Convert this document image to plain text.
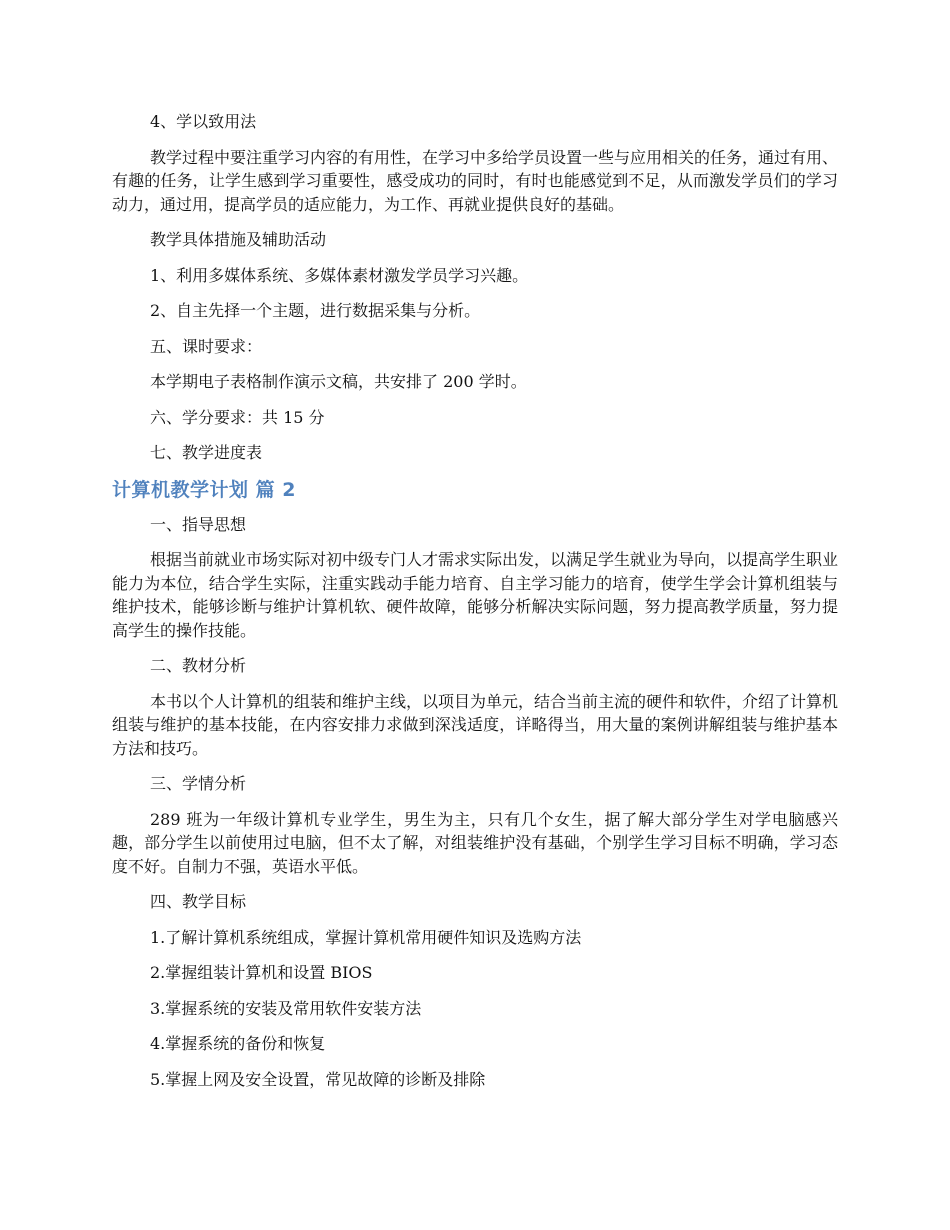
4、学以致用法

教学过程中要注重学习内容的有用性，在学习中多给学员设置一些与应用相关的任务，通过有用、有趣的任务，让学生感到学习重要性，感受成功的同时，有时也能感觉到不足，从而激发学员们的学习动力，通过用，提高学员的适应能力，为工作、再就业提供良好的基础。

教学具体措施及辅助活动

1、利用多媒体系统、多媒体素材激发学员学习兴趣。

2、自主先择一个主题，进行数据采集与分析。

五、课时要求：

本学期电子表格制作演示文稿，共安排了 200 学时。

六、学分要求：共 15 分

七、教学进度表

计算机教学计划 篇 2

一、指导思想

根据当前就业市场实际对初中级专门人才需求实际出发，以满足学生就业为导向，以提高学生职业能力为本位，结合学生实际，注重实践动手能力培育、自主学习能力的培育，使学生学会计算机组装与维护技术，能够诊断与维护计算机软、硬件故障，能够分析解决实际问题，努力提高教学质量，努力提高学生的操作技能。

二、教材分析

本书以个人计算机的组装和维护主线，以项目为单元，结合当前主流的硬件和软件，介绍了计算机组装与维护的基本技能，在内容安排力求做到深浅适度，详略得当，用大量的案例讲解组装与维护基本方法和技巧。

三、学情分析

289 班为一年级计算机专业学生，男生为主，只有几个女生，据了解大部分学生对学电脑感兴趣，部分学生以前使用过电脑，但不太了解，对组装维护没有基础，个别学生学习目标不明确，学习态度不好。自制力不强，英语水平低。

四、教学目标

1.了解计算机系统组成，掌握计算机常用硬件知识及选购方法

2.掌握组装计算机和设置 BIOS

3.掌握系统的安装及常用软件安装方法

4.掌握系统的备份和恢复

5.掌握上网及安全设置，常见故障的诊断及排除
